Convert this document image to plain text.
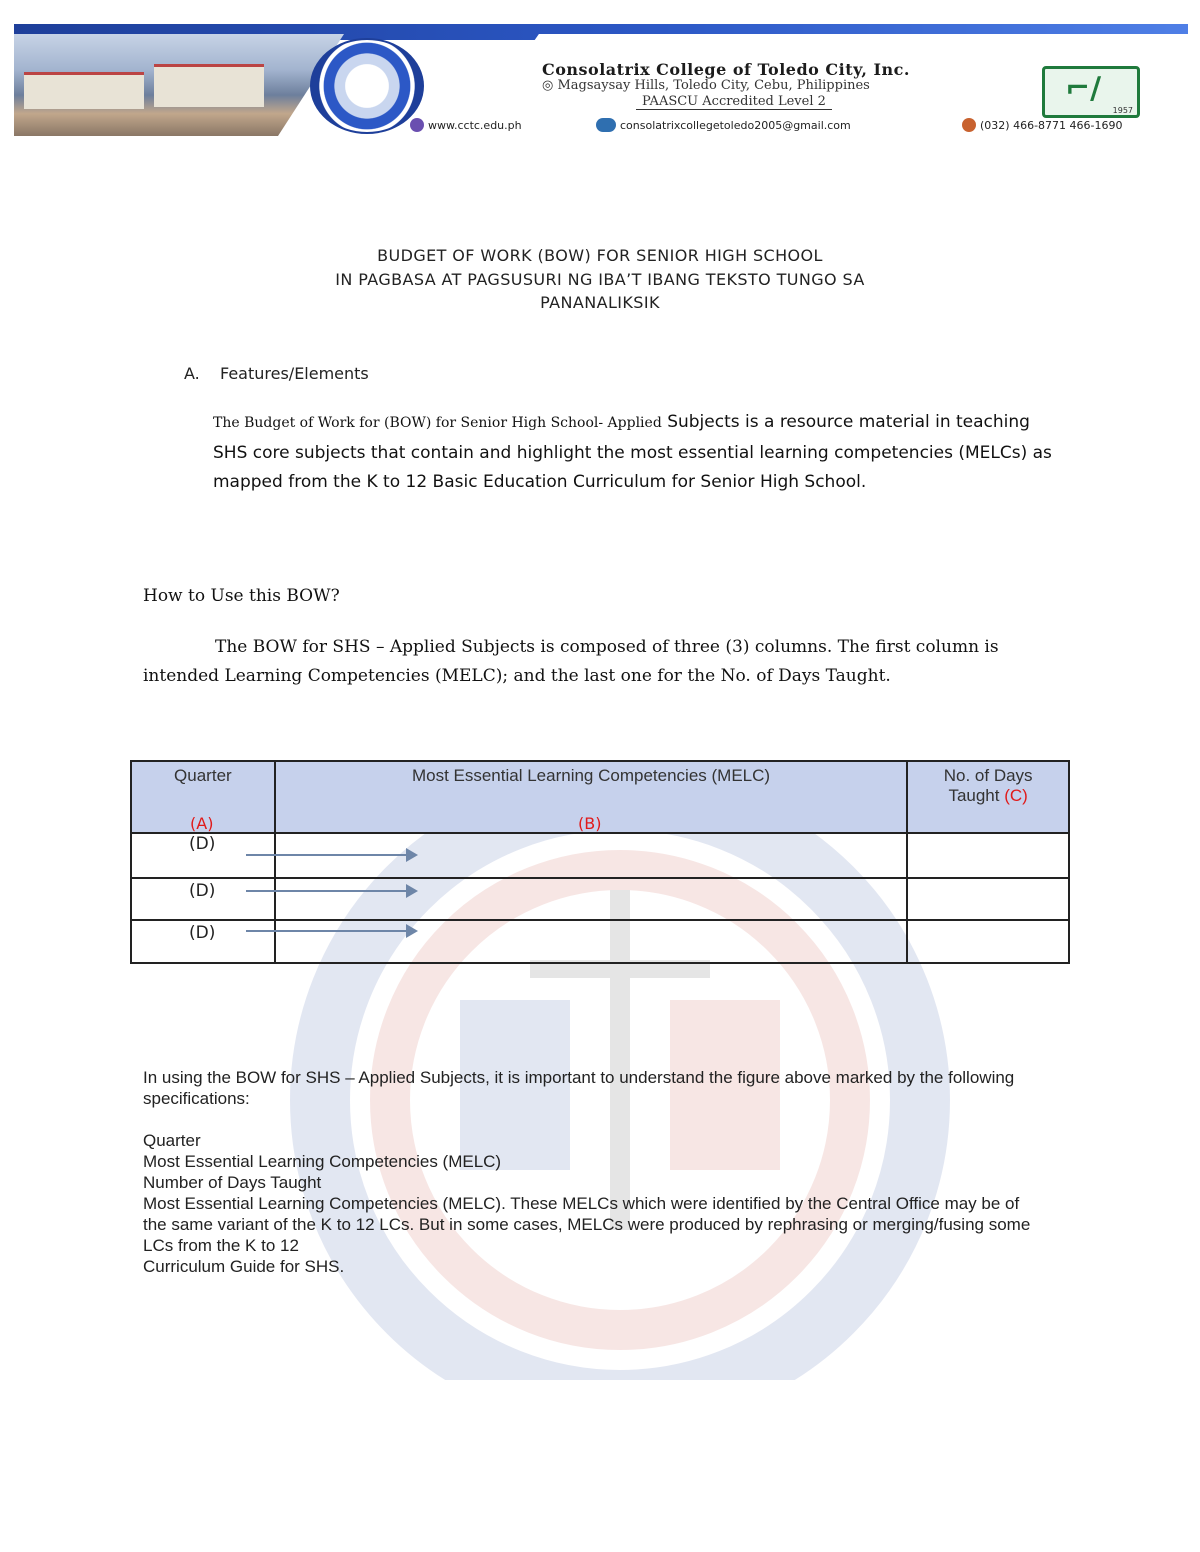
Consolatrix College of Toledo City, Inc.
◎ Magsaysay Hills, Toledo City, Cebu, Philippines
PAASCU Accredited Level 2	⌐/
1957
www.cctc.edu.ph	consolatrixcollegetoledo2005@gmail.com	(032) 466-8771 466-1690
BUDGET OF WORK (BOW) FOR SENIOR HIGH SCHOOL
IN PAGBASA AT PAGSUSURI NG IBA’T IBANG TEKSTO TUNGO SA
PANANALIKSIK
A. Features/Elements
The Budget of Work for (BOW) for Senior High School- Applied Subjects is a resource material in teaching SHS core subjects that contain and highlight the most essential learning competencies (MELCs) as mapped from the K to 12 Basic Education Curriculum for Senior High School.
How to Use this BOW?
The BOW for SHS – Applied Subjects is composed of three (3) columns. The first column is intended Learning Competencies (MELC); and the last one for the No. of Days Taught.
Quarter	Most Essential Learning Competencies (MELC)	No. of Days
Taught (C)

(A)	(B)
(D)
(D)
(D)

In using the BOW for SHS – Applied Subjects, it is important to understand the figure above marked by the following specifications:

Quarter

Most Essential Learning Competencies (MELC)

Number of Days Taught

Most Essential Learning Competencies (MELC). These MELCs which were identified by the Central Office may be of the same variant of the K to 12 LCs. But in some cases, MELCs were produced by rephrasing or merging/fusing some LCs from the K to 12

Curriculum Guide for SHS.
